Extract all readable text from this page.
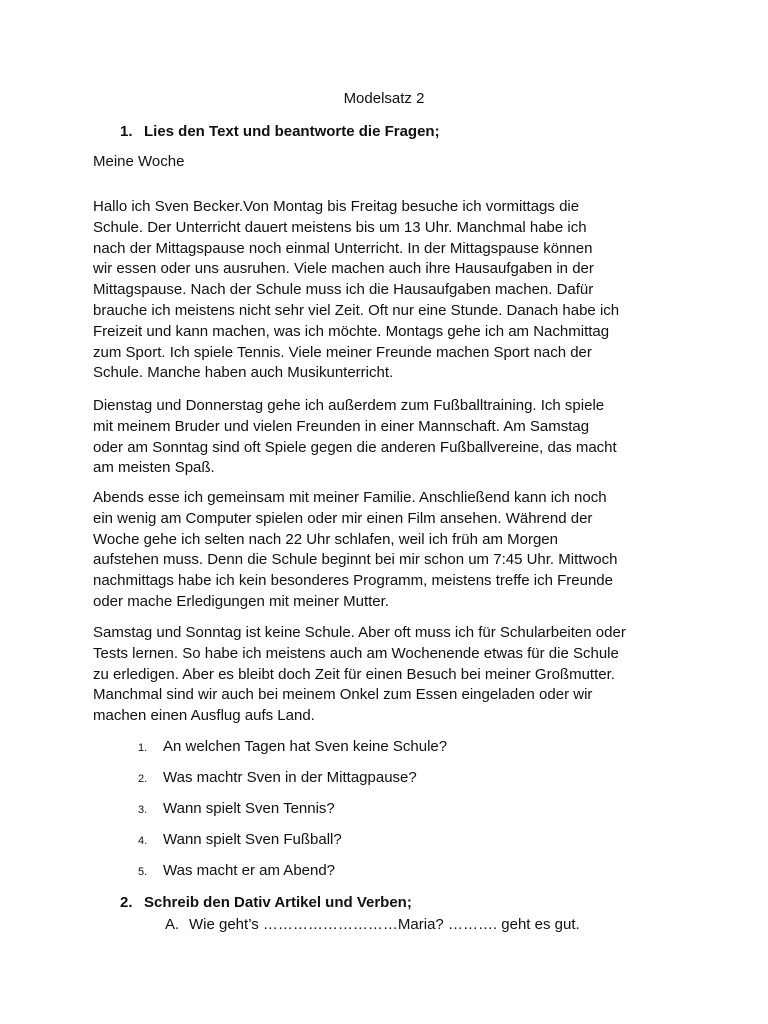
Modelsatz 2
1. Lies den Text und beantworte die Fragen;
Meine Woche

Hallo ich Sven Becker.Von Montag bis Freitag besuche ich vormittags die
Schule. Der Unterricht dauert meistens bis um 13 Uhr. Manchmal habe ich
nach der Mittagspause noch einmal Unterricht. In der Mittagspause können
wir essen oder uns ausruhen. Viele machen auch ihre Hausaufgaben in der
Mittagspause. Nach der Schule muss ich die Hausaufgaben machen. Dafür
brauche ich meistens nicht sehr viel Zeit. Oft nur eine Stunde. Danach habe ich
Freizeit und kann machen, was ich möchte. Montags gehe ich am Nachmittag
zum Sport. Ich spiele Tennis. Viele meiner Freunde machen Sport nach der
Schule. Manche haben auch Musikunterricht.

Dienstag und Donnerstag gehe ich außerdem zum Fußballtraining. Ich spiele
mit meinem Bruder und vielen Freunden in einer Mannschaft. Am Samstag
oder am Sonntag sind oft Spiele gegen die anderen Fußballvereine, das macht
am meisten Spaß.

Abends esse ich gemeinsam mit meiner Familie. Anschließend kann ich noch
ein wenig am Computer spielen oder mir einen Film ansehen. Während der
Woche gehe ich selten nach 22 Uhr schlafen, weil ich früh am Morgen
aufstehen muss. Denn die Schule beginnt bei mir schon um 7:45 Uhr. Mittwoch
nachmittags habe ich kein besonderes Programm, meistens treffe ich Freunde
oder mache Erledigungen mit meiner Mutter.

Samstag und Sonntag ist keine Schule. Aber oft muss ich für Schularbeiten oder
Tests lernen. So habe ich meistens auch am Wochenende etwas für die Schule
zu erledigen. Aber es bleibt doch Zeit für einen Besuch bei meiner Großmutter.
Manchmal sind wir auch bei meinem Onkel zum Essen eingeladen oder wir
machen einen Ausflug aufs Land.

1. An welchen Tagen hat Sven keine Schule?
2. Was machtr Sven in der Mittagpause?
3. Wann spielt Sven Tennis?
4. Wann spielt Sven Fußball?
5. Was macht er am Abend?
2. Schreib den Dativ Artikel und Verben;
A. Wie geht’s ………………………Maria? ………. geht es gut.
